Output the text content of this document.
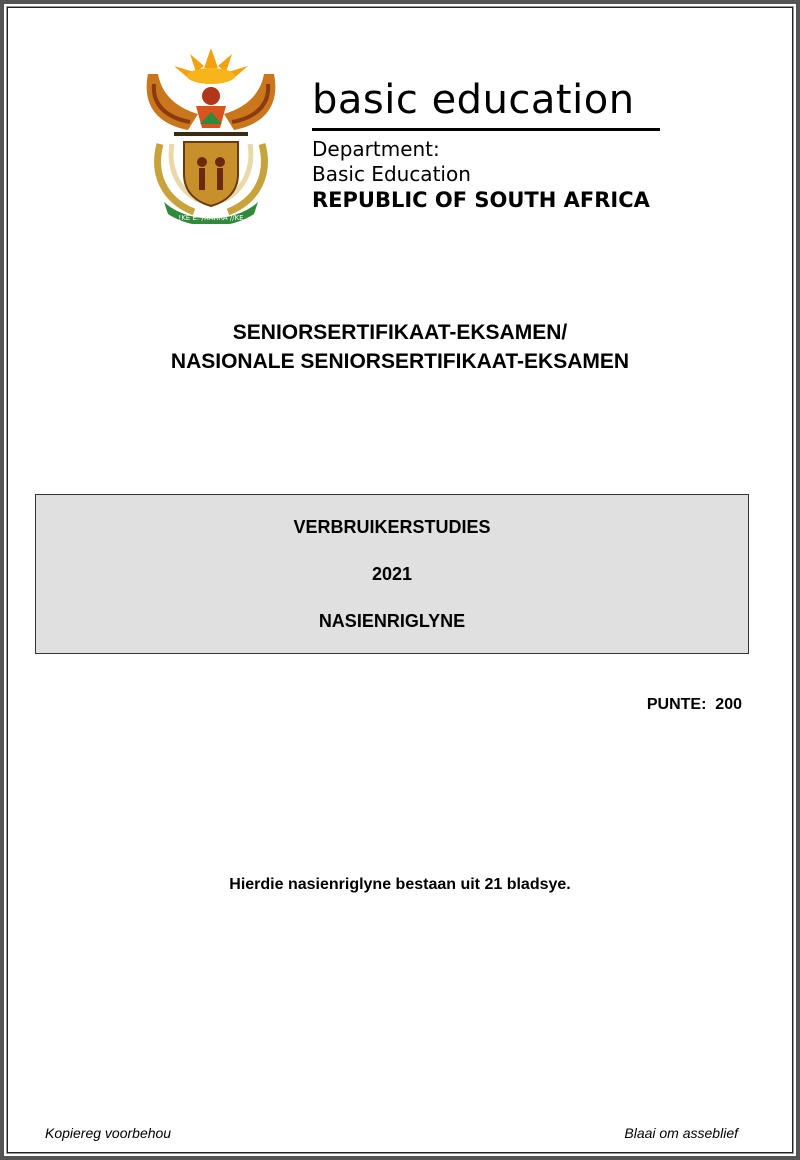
!KE E: /XARRA //KE

basic education

Department:

Basic Education

REPUBLIC OF SOUTH AFRICA

SENIORSERTIFIKAAT-EKSAMEN/
NASIONALE SENIORSERTIFIKAAT-EKSAMEN
VERBRUIKERSTUDIES
2021
NASIENRIGLYNE
PUNTE:  200
Hierdie nasienriglyne bestaan uit 21 bladsye.
Kopiereg voorbehou	Blaai om asseblief
